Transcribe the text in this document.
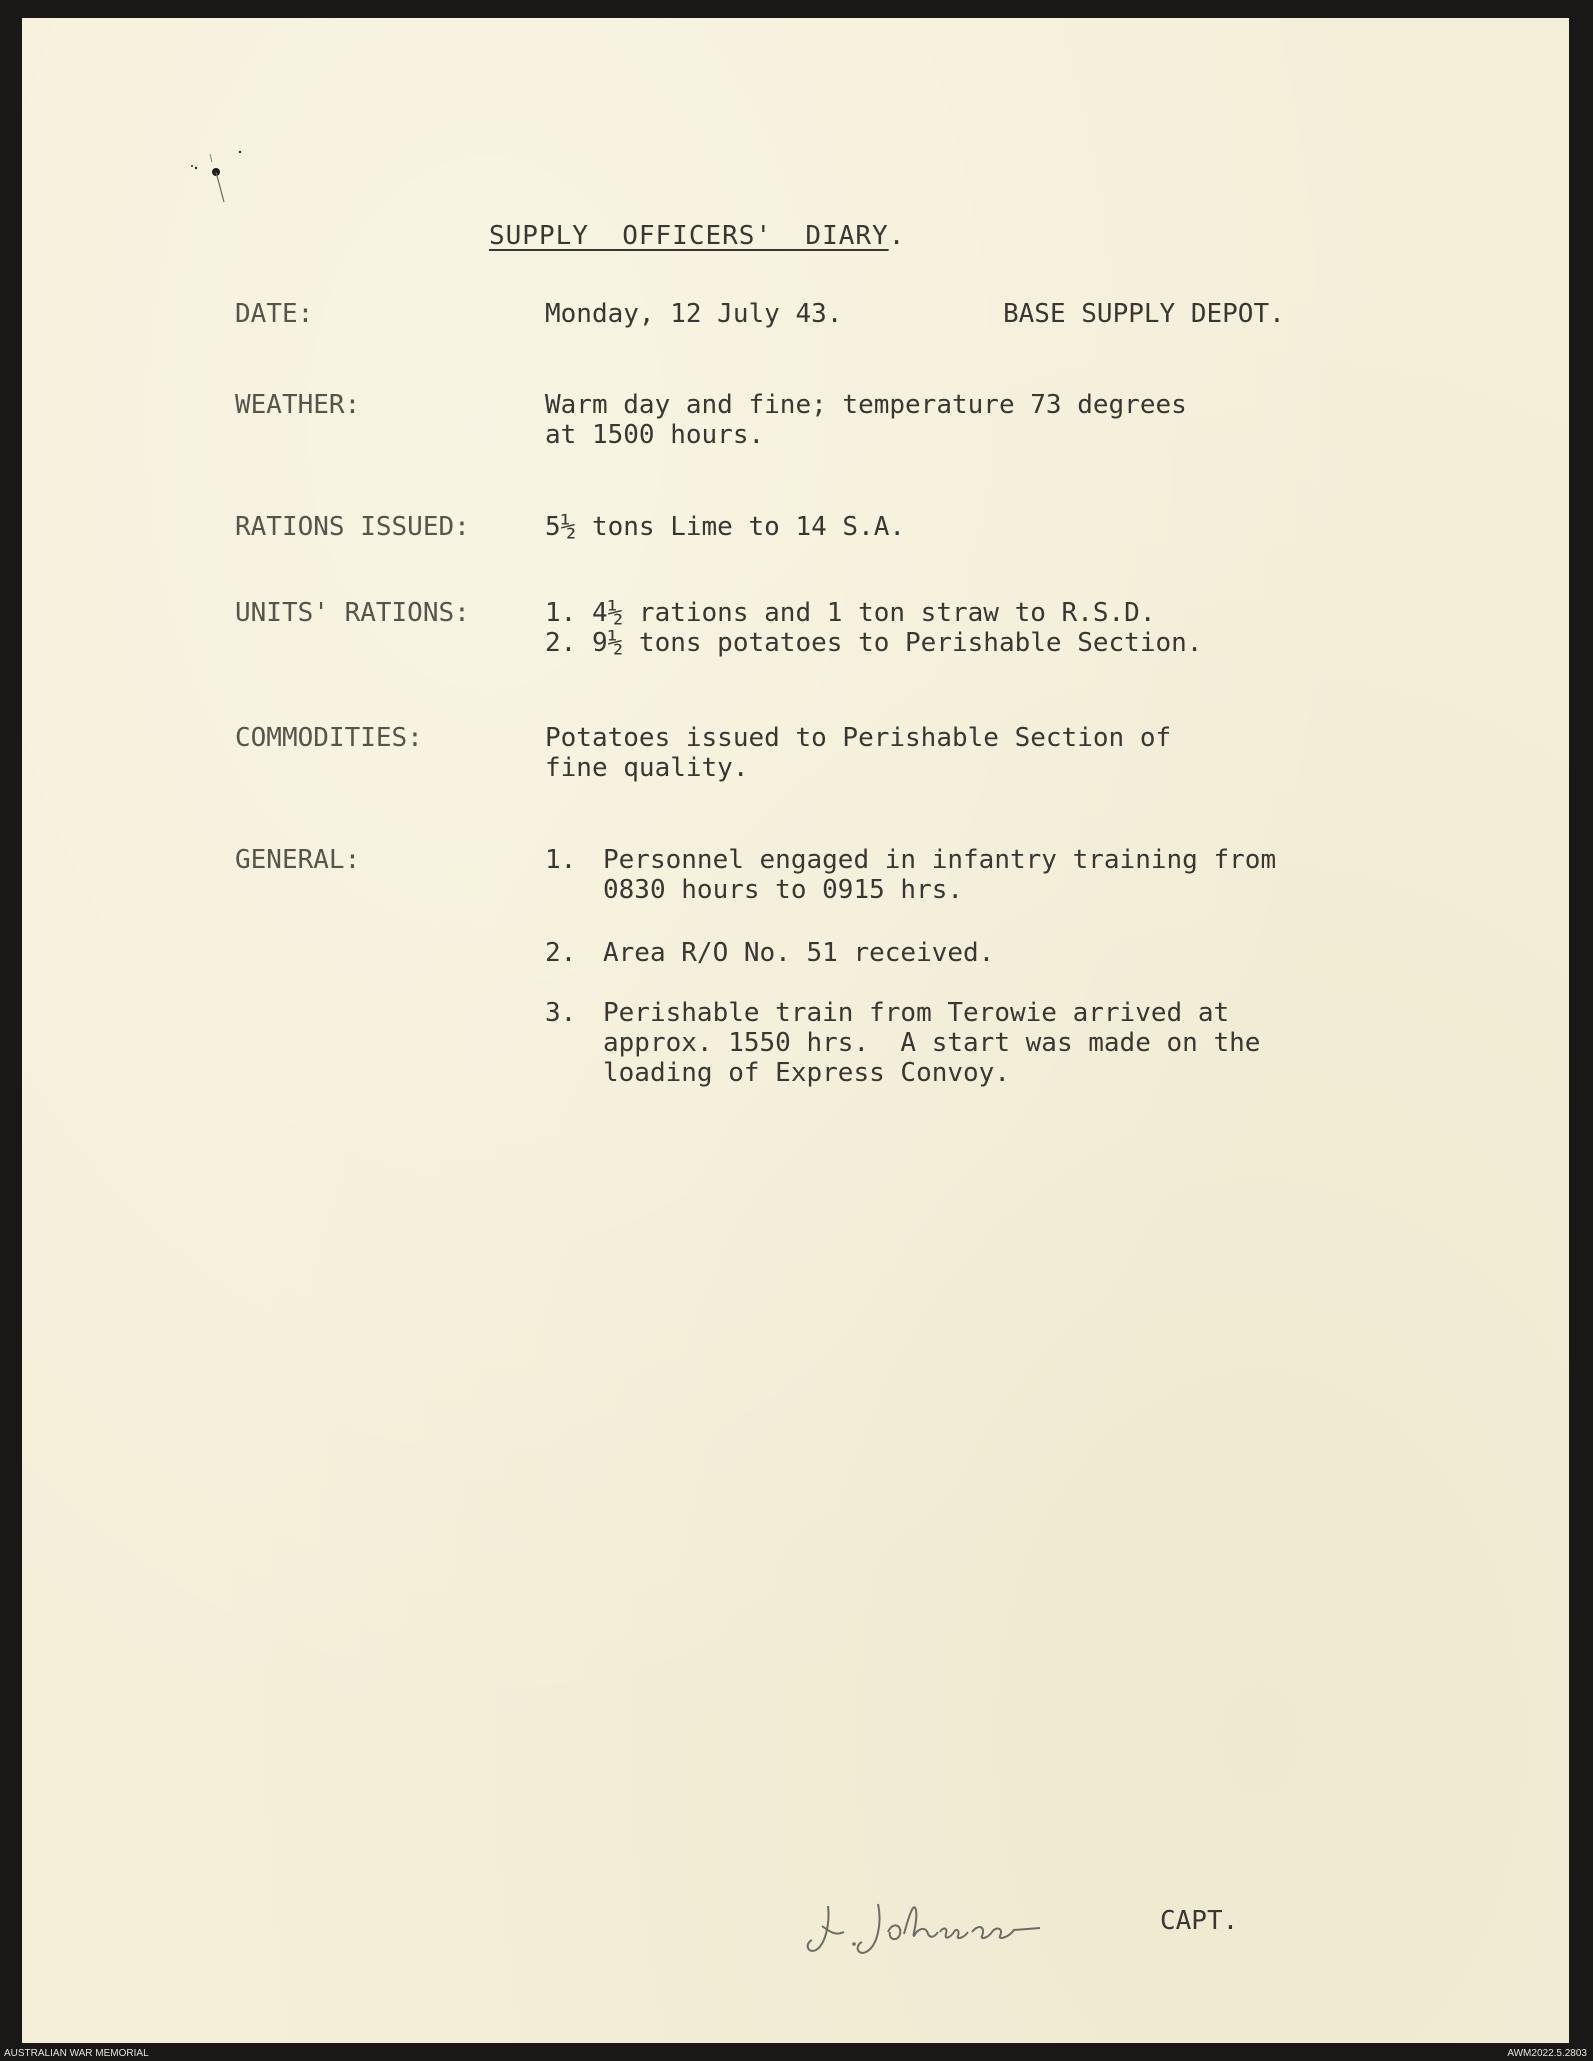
SUPPLY  OFFICERS'  DIARY.
DATE:	Monday, 12 July 43.	BASE SUPPLY DEPOT.
WEATHER:	Warm day and fine; temperature 73 degrees
at 1500 hours.
RATIONS ISSUED:	5½ tons Lime to 14 S.A.
UNITS' RATIONS:	1. 4½ rations and 1 ton straw to R.S.D.
2. 9½ tons potatoes to Perishable Section.
COMMODITIES:	Potatoes issued to Perishable Section of
fine quality.
GENERAL:	1. Personnel engaged in infantry training from
0830 hours to 0915 hrs.
2. Area R/O No. 51 received.
3. Perishable train from Terowie arrived at
approx. 1550 hrs.  A start was made on the
loading of Express Convoy.
CAPT.
AUSTRALIAN WAR MEMORIAL	AWM2022.5.2803
